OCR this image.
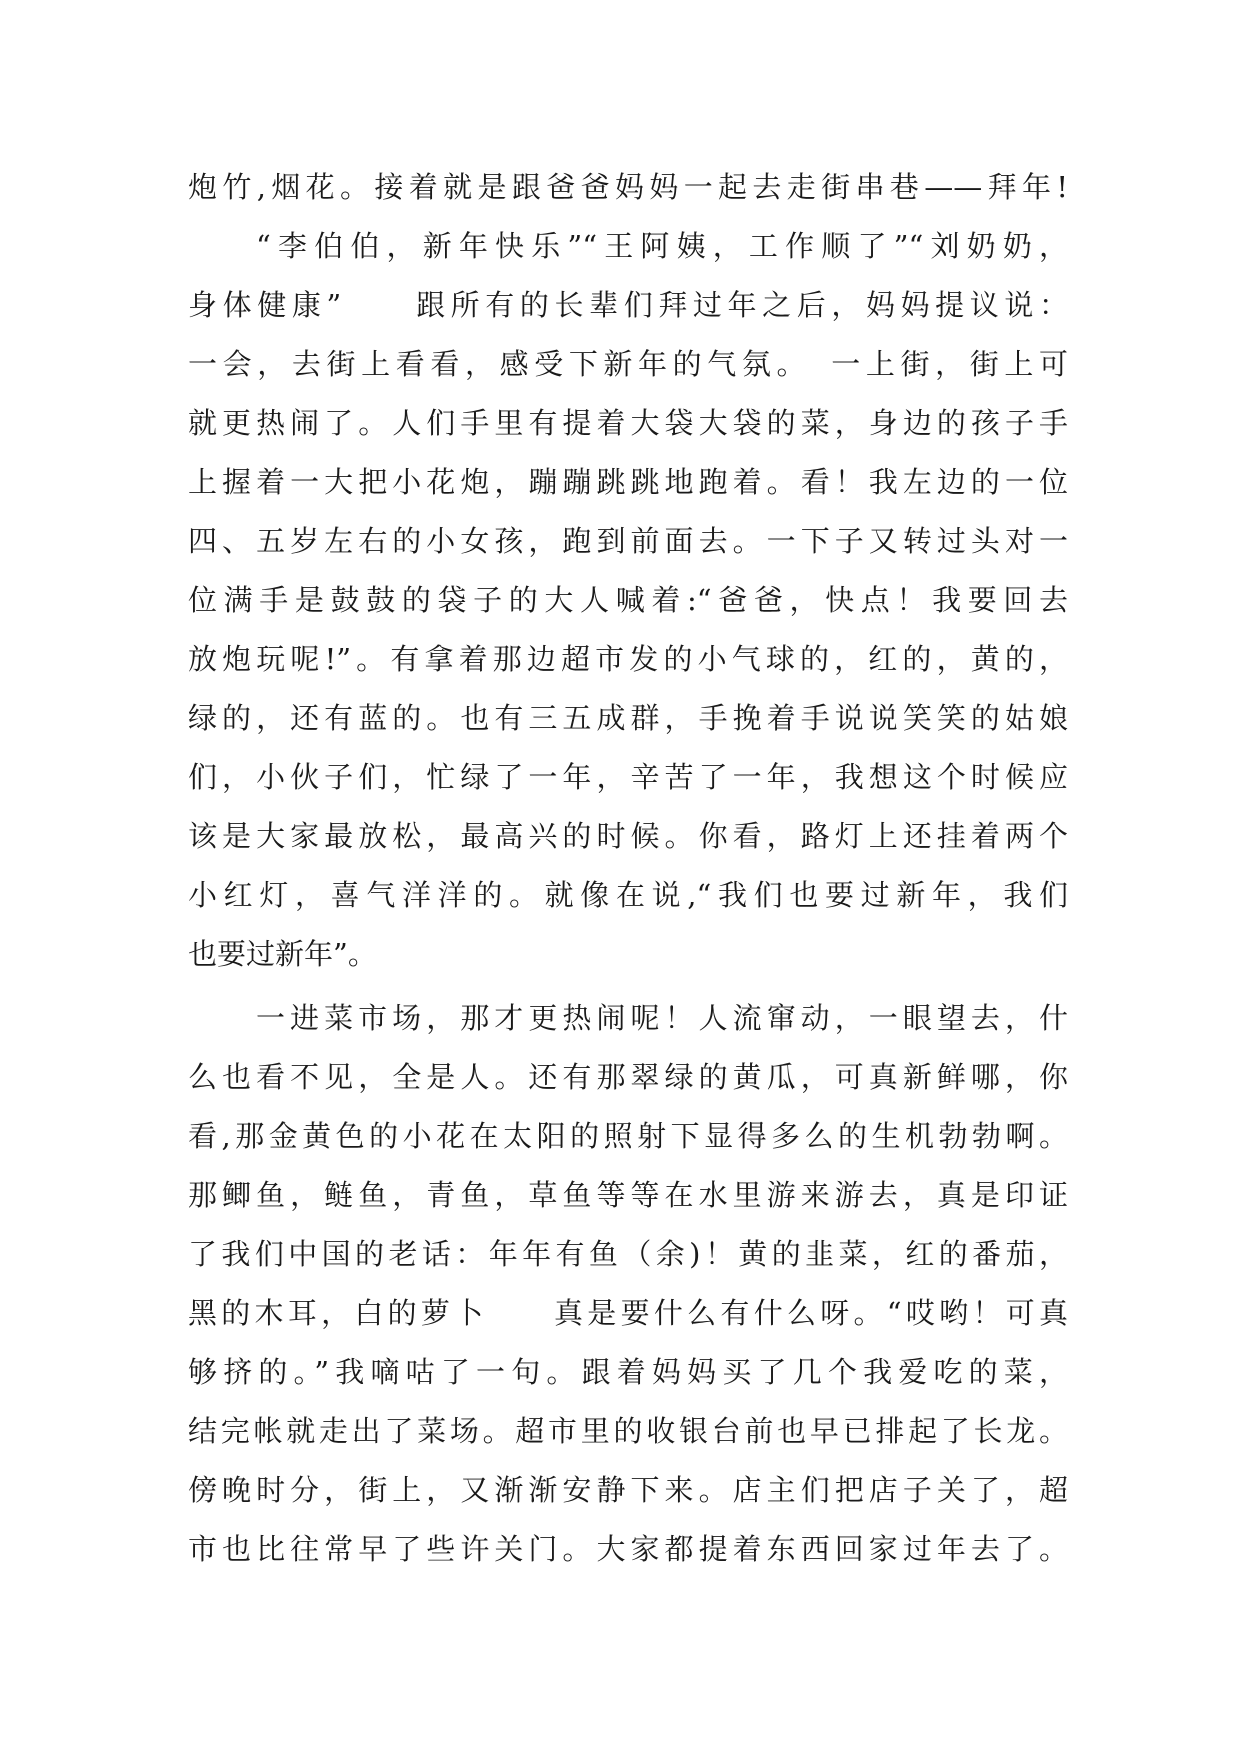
炮竹,烟花。接着就是跟爸爸妈妈一起去走街串巷——拜年!
“李伯伯，新年快乐”“王阿姨，工作顺了”“刘奶奶，
身体健康”　　跟所有的长辈们拜过年之后，妈妈提议说：
一会，去街上看看，感受下新年的气氛。　一上街，街上可
就更热闹了。人们手里有提着大袋大袋的菜，身边的孩子手
上握着一大把小花炮，蹦蹦跳跳地跑着。看！我左边的一位
四、五岁左右的小女孩，跑到前面去。一下子又转过头对一
位满手是鼓鼓的袋子的大人喊着:“爸爸，快点！我要回去
放炮玩呢!”。有拿着那边超市发的小气球的，红的，黄的，
绿的，还有蓝的。也有三五成群，手挽着手说说笑笑的姑娘
们，小伙子们，忙绿了一年，辛苦了一年，我想这个时候应
该是大家最放松，最高兴的时候。你看，路灯上还挂着两个
小红灯，喜气洋洋的。就像在说,“我们也要过新年，我们
也要过新年”。
一进菜市场，那才更热闹呢！人流窜动，一眼望去，什
么也看不见，全是人。还有那翠绿的黄瓜，可真新鲜哪，你
看,那金黄色的小花在太阳的照射下显得多么的生机勃勃啊。
那鲫鱼，鲢鱼，青鱼，草鱼等等在水里游来游去，真是印证
了我们中国的老话：年年有鱼（余)！黄的韭菜，红的番茄，
黑的木耳，白的萝卜　　真是要什么有什么呀。“哎哟！可真
够挤的。”我嘀咕了一句。跟着妈妈买了几个我爱吃的菜，
结完帐就走出了菜场。超市里的收银台前也早已排起了长龙。
傍晚时分，街上，又渐渐安静下来。店主们把店子关了，超
市也比往常早了些许关门。大家都提着东西回家过年去了。
